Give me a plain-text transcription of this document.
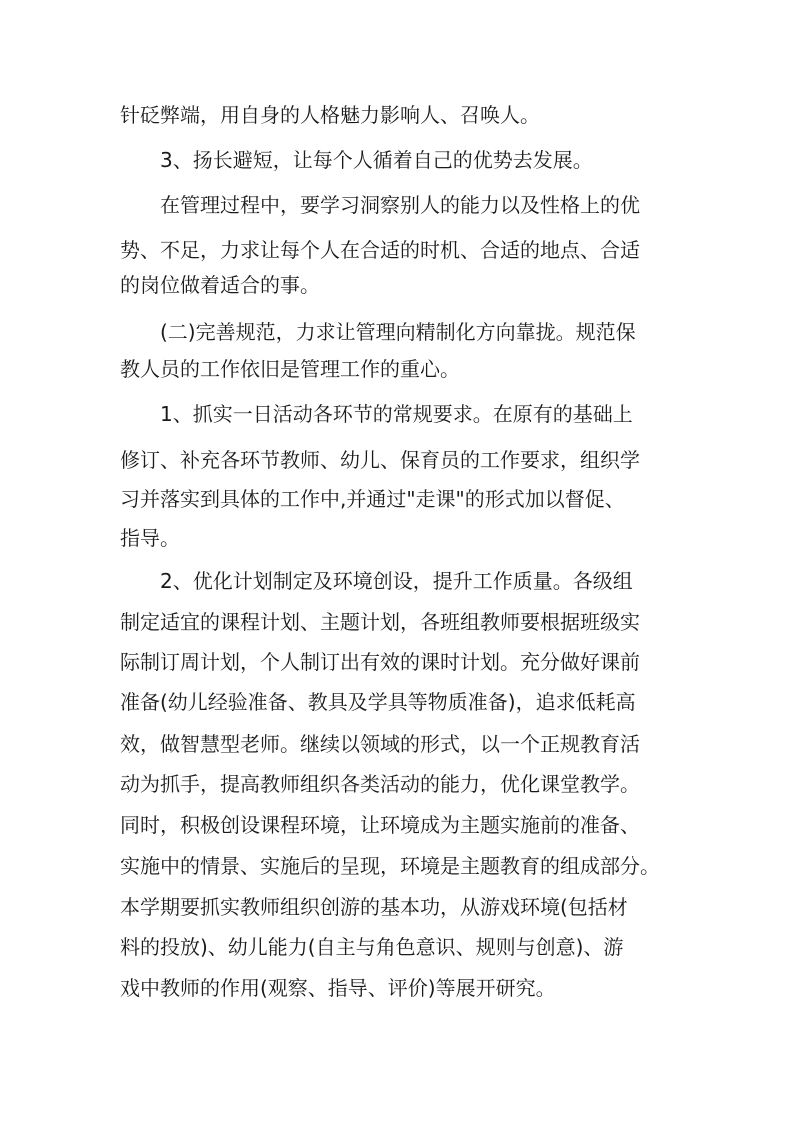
针砭弊端，用自身的人格魅力影响人、召唤人。
3、扬长避短，让每个人循着自己的优势去发展。
在管理过程中，要学习洞察别人的能力以及性格上的优
势、不足，力求让每个人在合适的时机、合适的地点、合适
的岗位做着适合的事。
(二)完善规范，力求让管理向精制化方向靠拢。规范保
教人员的工作依旧是管理工作的重心。
1、抓实一日活动各环节的常规要求。在原有的基础上
修订、补充各环节教师、幼儿、保育员的工作要求，组织学
习并落实到具体的工作中,并通过"走课"的形式加以督促、
指导。
2、优化计划制定及环境创设，提升工作质量。各级组
制定适宜的课程计划、主题计划，各班组教师要根据班级实
际制订周计划，个人制订出有效的课时计划。充分做好课前
准备(幼儿经验准备、教具及学具等物质准备)，追求低耗高
效，做智慧型老师。继续以领域的形式，以一个正规教育活
动为抓手，提高教师组织各类活动的能力，优化课堂教学。
同时，积极创设课程环境，让环境成为主题实施前的准备、
实施中的情景、实施后的呈现，环境是主题教育的组成部分。
本学期要抓实教师组织创游的基本功，从游戏环境(包括材
料的投放)、幼儿能力(自主与角色意识、规则与创意)、游
戏中教师的作用(观察、指导、评价)等展开研究。
